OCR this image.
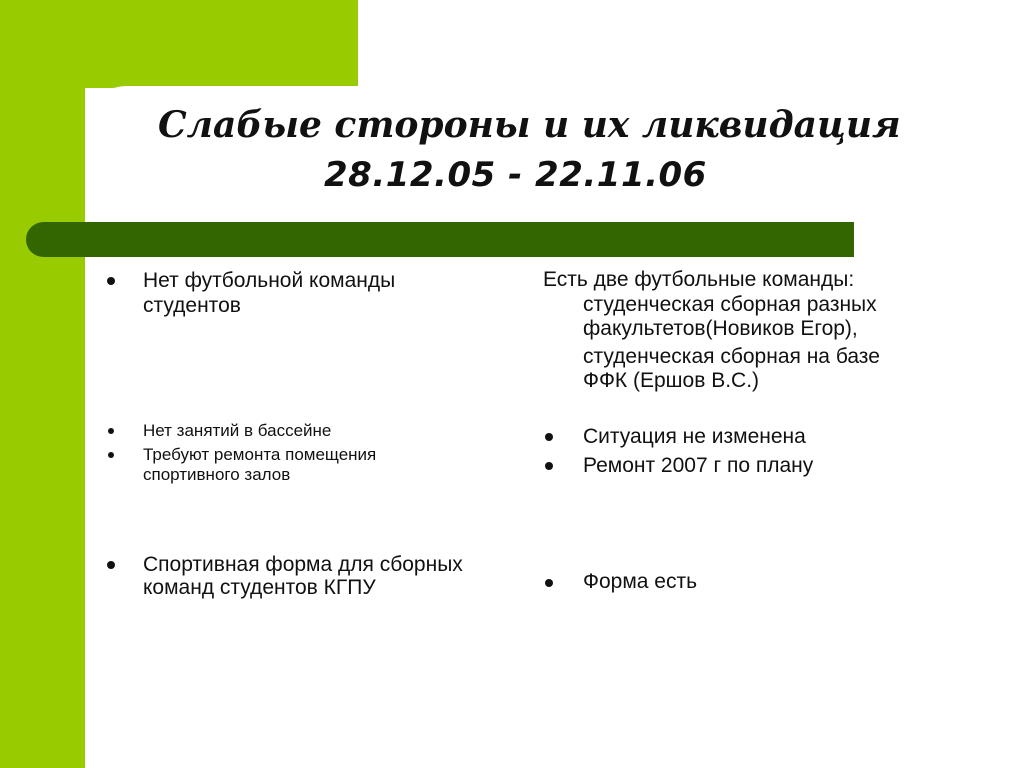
Слабые стороны и их ликвидация
28.12.05 - 22.11.06

Нет футбольной команды

студентов

Нет занятий в бассейне

Требуют ремонта помещения

спортивного залов

Спортивная форма для сборных

команд студентов КГПУ

Есть две футбольные команды:

студенческая сборная разных

факультетов(Новиков Егор),

студенческая сборная на базе

ФФК (Ершов В.С.)

Ситуация не изменена

Ремонт 2007 г по плану

Форма есть
